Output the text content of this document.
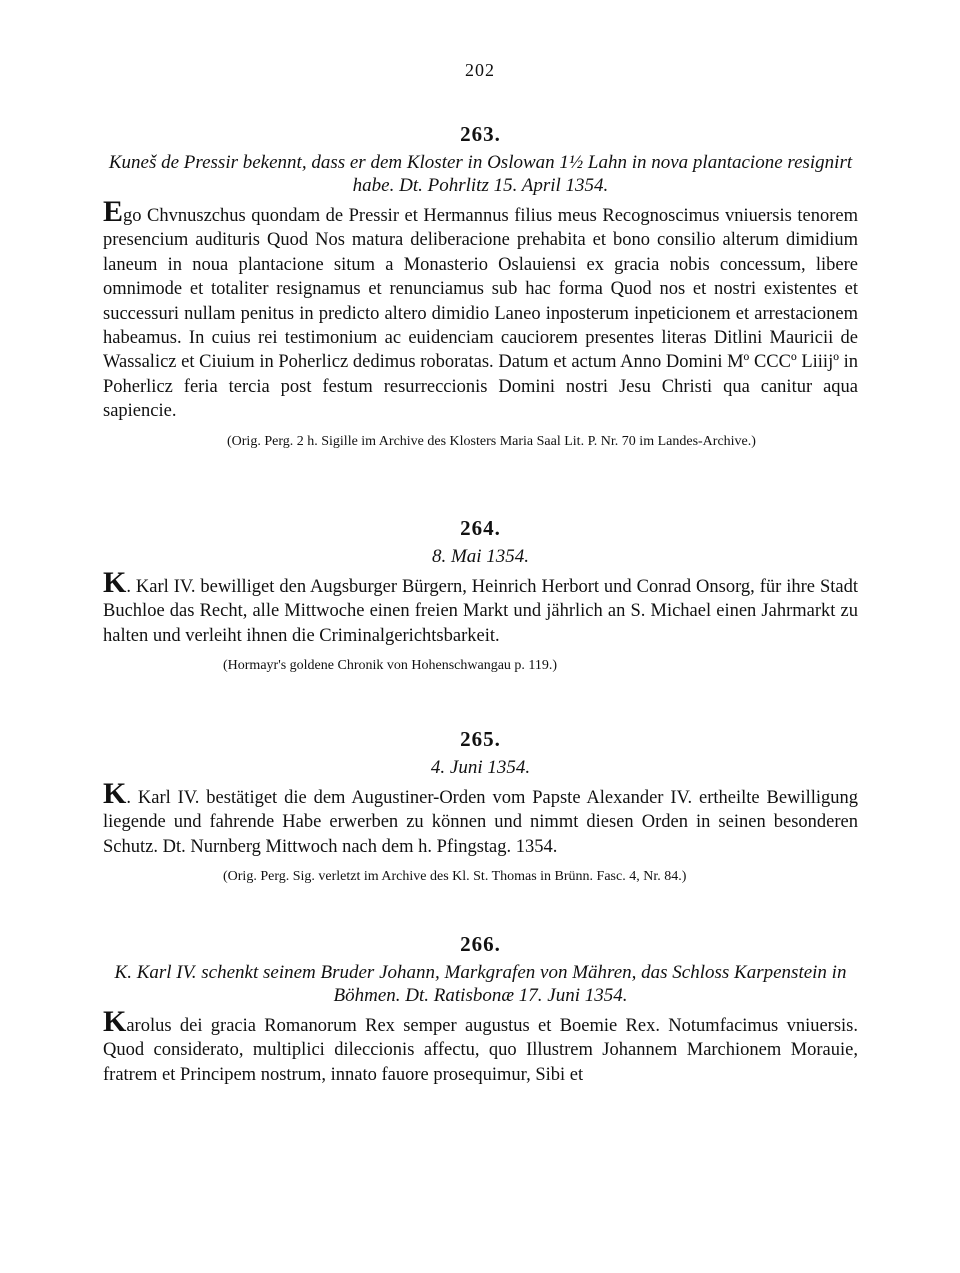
202
263.

Kuneš de Pressir bekennt, dass er dem Kloster in Oslowan 1½ Lahn in nova plantacione resignirt habe. Dt. Pohrlitz 15. April 1354.

Ego Chvnuszchus quondam de Pressir et Hermannus filius meus Recognoscimus vniuersis tenorem presencium audituris Quod Nos matura deliberacione prehabita et bono consilio alterum dimidium laneum in noua plantacione situm a Monasterio Oslauiensi ex gracia nobis concessum, libere omnimode et totaliter resignamus et renunciamus sub hac forma Quod nos et nostri existentes et successuri nullam penitus in predicto altero dimidio Laneo inposterum inpeticionem et arrestacionem habeamus. In cuius rei testimonium ac euidenciam cauciorem presentes literas Ditlini Mauricii de Wassalicz et Ciuium in Poherlicz dedimus roboratas. Datum et actum Anno Domini Mº CCCº Liiijº in Poherlicz feria tercia post festum resurreccionis Domini nostri Jesu Christi qua canitur aqua sapiencie.

(Orig. Perg. 2 h. Sigille im Archive des Klosters Maria Saal Lit. P. Nr. 70 im Landes-Archive.)

264.

8. Mai 1354.

K. Karl IV. bewilliget den Augsburger Bürgern, Heinrich Herbort und Conrad Onsorg, für ihre Stadt Buchloe das Recht, alle Mittwoche einen freien Markt und jährlich an S. Michael einen Jahrmarkt zu halten und verleiht ihnen die Criminalgerichtsbarkeit.

(Hormayr's goldene Chronik von Hohenschwangau p. 119.)

265.

4. Juni 1354.

K. Karl IV. bestätiget die dem Augustiner-Orden vom Papste Alexander IV. ertheilte Bewilligung liegende und fahrende Habe erwerben zu können und nimmt diesen Orden in seinen besonderen Schutz. Dt. Nurnberg Mittwoch nach dem h. Pfingstag. 1354.

(Orig. Perg. Sig. verletzt im Archive des Kl. St. Thomas in Brünn. Fasc. 4, Nr. 84.)

266.

K. Karl IV. schenkt seinem Bruder Johann, Markgrafen von Mähren, das Schloss Karpenstein in Böhmen. Dt. Ratisbonæ 17. Juni 1354.

Karolus dei gracia Romanorum Rex semper augustus et Boemie Rex. Notumfacimus vniuersis. Quod considerato, multiplici dileccionis affectu, quo Illustrem Johannem Marchionem Morauie, fratrem et Principem nostrum, innato fauore prosequimur, Sibi et
